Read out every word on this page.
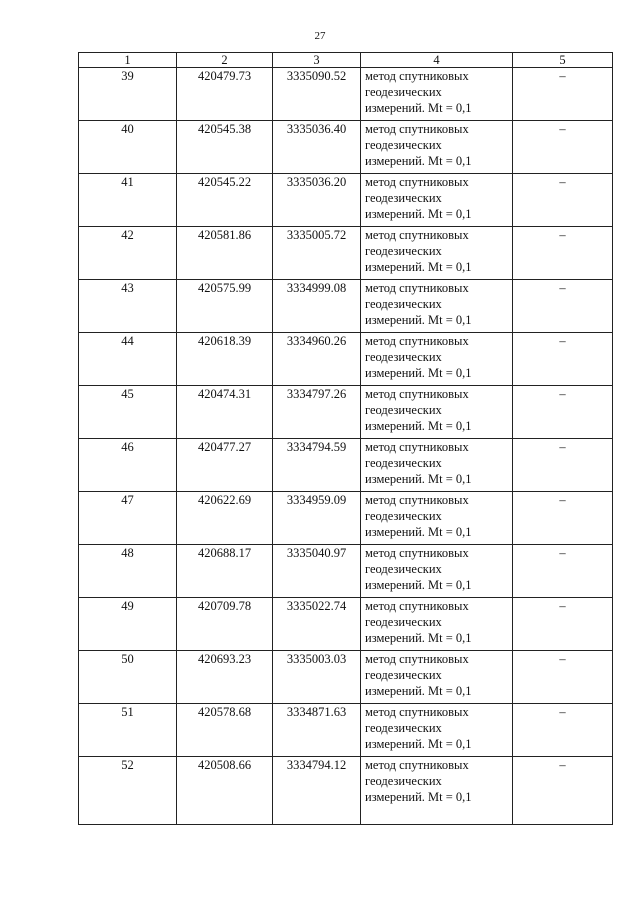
27
1	2	3	4	5
39	420479.73	3335090.52	метод спутниковых
геодезических
измерений. Mt = 0,1	–
40	420545.38	3335036.40	метод спутниковых
геодезических
измерений. Mt = 0,1	–
41	420545.22	3335036.20	метод спутниковых
геодезических
измерений. Mt = 0,1	–
42	420581.86	3335005.72	метод спутниковых
геодезических
измерений. Mt = 0,1	–
43	420575.99	3334999.08	метод спутниковых
геодезических
измерений. Mt = 0,1	–
44	420618.39	3334960.26	метод спутниковых
геодезических
измерений. Mt = 0,1	–
45	420474.31	3334797.26	метод спутниковых
геодезических
измерений. Mt = 0,1	–
46	420477.27	3334794.59	метод спутниковых
геодезических
измерений. Mt = 0,1	–
47	420622.69	3334959.09	метод спутниковых
геодезических
измерений. Mt = 0,1	–
48	420688.17	3335040.97	метод спутниковых
геодезических
измерений. Mt = 0,1	–
49	420709.78	3335022.74	метод спутниковых
геодезических
измерений. Mt = 0,1	–
50	420693.23	3335003.03	метод спутниковых
геодезических
измерений. Mt = 0,1	–
51	420578.68	3334871.63	метод спутниковых
геодезических
измерений. Mt = 0,1	–
52	420508.66	3334794.12	метод спутниковых
геодезических
измерений. Mt = 0,1	–
